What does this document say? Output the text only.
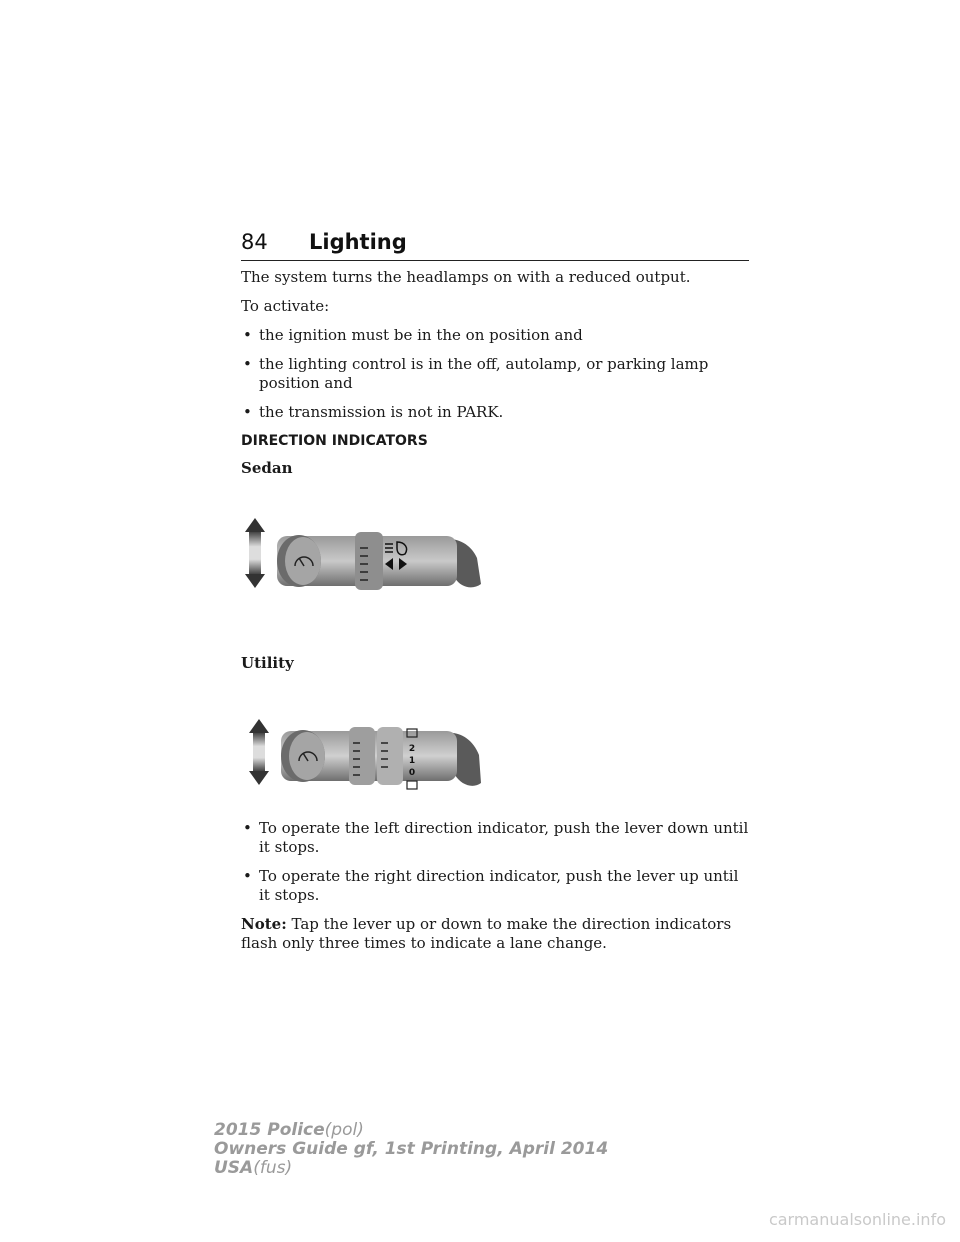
84 Lighting

The system turns the headlamps on with a reduced output.

To activate:

• the ignition must be in the on position and

• the lighting control is in the off, autolamp, or parking lamp position and

• the transmission is not in PARK.

DIRECTION INDICATORS

Sedan

Utility

2
1
0

• To operate the left direction indicator, push the lever down until it stops.

• To operate the right direction indicator, push the lever up until it stops.

Note: Tap the lever up or down to make the direction indicators flash only three times to indicate a lane change.

2015 Police(pol)
Owners Guide gf, 1st Printing, April 2014
USA(fus)
carmanualsonline.info
